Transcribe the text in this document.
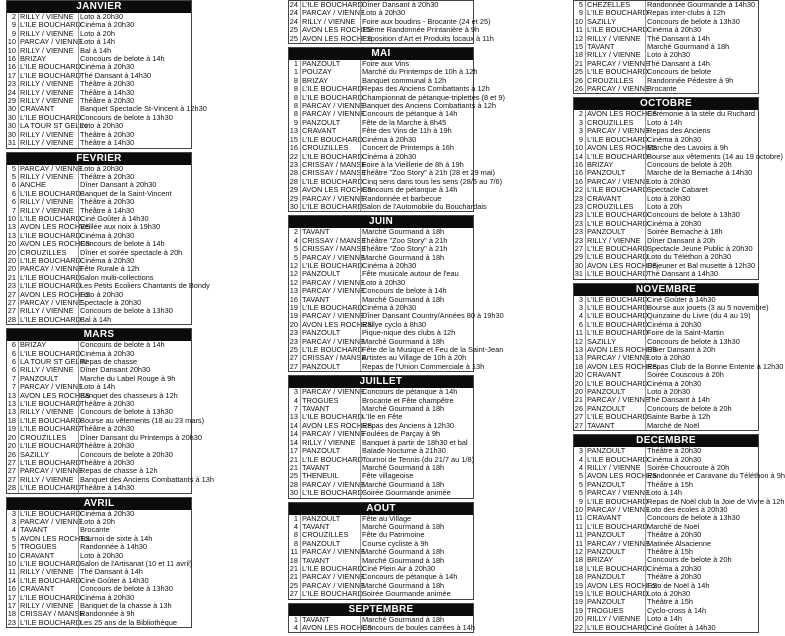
JANVIER
2 RILLY / VIENNE Loto à 20h30
9 L'ILE BOUCHARD Cinéma à 20h30
9 RILLY / VIENNE Loto à 20h
10 PARCAY / VIENNE
Loto à 14h
10 RILLY / VIENNE Bal à 14h
16 BRIZAY	Concours de belote à 14h
16 L'ILE BOUCHARD Cinéma à 20h30
17 L'ILE BOUCHARD Thé Dansant à 14h30
23 RILLY / VIENNE Théâtre à 20h30
24 RILLY / VIENNE Théâtre à 14h30
29 RILLY / VIENNE Théâtre à 20h30
30 CRAVANT	Banquet Spectacle St-Vincent à 12h30
30 L'ILE BOUCHARD Concours de belote à 13h30
30 LA TOUR ST GELIN
Loto à 20h30
30 RILLY / VIENNE Théâtre à 20h30
31 RILLY / VIENNE Théâtre à 14h30
FEVRIER
5 PARCAY / VIENNE
Loto à 20h30
5 RILLY / VIENNE Théâtre à 20h30
6 ANCHE	Dîner Dansant à 20h30
6 L'ILE BOUCHARD Banquet de la Saint-Vincent
6 RILLY / VIENNE Théâtre à 20h30
7 RILLY / VIENNE Théâtre à 14h30
10 L'ILE BOUCHARD Ciné Goûter à 14h30
13 AVON LES ROCHES
Veillée aux noix à 19h30
13 L'ILE BOUCHARD Cinéma à 20h30
20 AVON LES ROCHES
Concours de belote à 14h
20 CROUZILLES	Dîner et soirée spectacle à 20h
20 L'ILE BOUCHARD Cinéma à 20h30
20 PARCAY / VIENNE
Fête Rurale à 12h
21 L'ILE BOUCHARD Salon multi-collections
23 L'ILE BOUCHARD Les Petits Ecoliers Chantants de Bondy
27 AVON LES ROCHES
Loto à 20h30
27 PARCAY / VIENNE
Spectacle à 20h30
27 RILLY / VIENNE Concours de belote à 13h30
28 L'ILE BOUCHARD Bal à 14h
MARS
6 BRIZAY	Concours de belote à 14h
6 L'ILE BOUCHARD Cinéma à 20h30
6 LA TOUR ST GELIN
Repas de chasse
6 RILLY / VIENNE Dîner Dansant 20h30
7 PANZOULT	Marche du Label Rouge à 9h
7 PARCAY / VIENNE
Loto à 14h
13 AVON LES ROCHES
Banquet des chasseurs à 12h
13 L'ILE BOUCHARD Théâtre à 20h30
13 RILLY / VIENNE Concours de belote à 13h30
18 L'ILE BOUCHARD Bourse au vêtements (18 au 23 mars)
19 L'ILE BOUCHARD Théâtre à 20h30
20 CROUZILLES	Dîner Dansant du Printemps à 20h30
20 L'ILE BOUCHARD Théâtre à 20h30
26 SAZILLY	Concours de belote à 20h30
27 L'ILE BOUCHARD Théâtre à 20h30
27 PARCAY / VIENNE
Repas de chasse à 12h
27 RILLY / VIENNE Banquet des Anciens Combattants à 13h
28 L'ILE BOUCHARD Théâtre à 14h30
AVRIL
3 L'ILE BOUCHARD Cinéma à 20h30
3 PARCAY / VIENNE
Loto à 20h
4 TAVANT	Brocante
5 AVON LES ROCHES
Tournoi de sixte à 14h
5 TROGUES	Randonnée à 14h30
10 CRAVANT	Loto à 20h30
10 L'ILE BOUCHARD Salon de l'Artisanat (10 et 11 avril)
11 RILLY / VIENNE Thé Dansant à 14h
14 L'ILE BOUCHARD Ciné Goûter à 14h30
16 CRAVANT	Concours de belote à 13h30
17 L'ILE BOUCHARD Cinéma à 20h30
17 RILLY / VIENNE Banquet de la chasse à 13h
18 CRISSAY / MANSE
Randonnée à 9h
23 L'ILE BOUCHARD Les 25 ans de la Bibliothèque
24 L'ILE BOUCHARD Dîner Dansant à 20h30
24 PARCAY / VIENNE
Loto à 20h30
24 RILLY / VIENNE Foire aux boudins - Brocante (24 et 25)
25 AVON LES ROCHES
15ème Randonnée Printanière à 9h
25 AVON LES ROCHES
Exposition d'Art et Produits locaux à 11h
MAI
1 PANZOULT	Foire aux Vins
1 POUZAY	Marché du Printemps de 10h à 12h
8 BRIZAY	Banquet communal à 12h
8 L'ILE BOUCHARD Repas des Anciens Combattants à 12h
8 L'ILE BOUCHARD Championnat de pétanque-triplettes (8 et 9)
8 PARCAY / VIENNE
Banquet des Anciens Combattants à 12h
8 PARCAY / VIENNE
Concours de pétanque à 14h
9 PANZOULT	Fête de la Marche à 8h45
13 CRAVANT	Fête des Vins de 11h à 19h
15 L'ILE BOUCHARD Cinéma à 20h30
16 CROUZILLES	Concert de Printemps à 16h
22 L'ILE BOUCHARD Cinéma à 20h30
23 CRISSAY / MANSE
Foire à la Vieillerie de 8h à 19h
28 CRISSAY / MANSE
Théâtre "Zoo Story" à 21h (28 et 29 mai)
28 L'ILE BOUCHARD Cinq sens dans tous les sens (28/5 au 7/6)
29 AVON LES ROCHES
Concours de pétanque à 14h
29 PARCAY / VIENNE
Randonnée et barbecue
30 L'ILE BOUCHARD Salon de l'Automobile du Bouchardais
JUIN
2 TAVANT	Marché Gourmand à 18h
4 CRISSAY / MANSE
Théâtre "Zoo Story" à 21h
5 CRISSAY / MANSE
Théâtre "Zoo Story" à 21h
5 PARCAY / VIENNE
Marché Gourmand à 18h
12 L'ILE BOUCHARD Cinéma à 20h30
12 PANZOULT	Fête musicale autour de l'eau
12 PARCAY / VIENNE
Loto à 20h30
13 PARCAY / VIENNE
Concours de belote à 14h
16 TAVANT	Marché Gourmand à 18h
19 L'ILE BOUCHARD Cinéma à 20h30
19 PARCAY / VIENNE
Dîner Dansant Country/Années 80 à 19h30
20 AVON LES ROCHES
Rallye cyclo à 8h30
23 PANZOULT	Pique-nique des clubs à 12h
23 PARCAY / VIENNE
Marché Gourmand à 18h
25 L'ILE BOUCHARD Fête de la Musique et Feu de la Saint-Jean
27 CRISSAY / MANSE
Artistes au Village de 10h à 20h
27 PANZOULT	Repas de l'Union Commerciale à 13h
JUILLET
3 PARCAY / VIENNE
Concours de pétanque à 14h
4 TROGUES	Brocante et Fête champêtre
7 TAVANT	Marché Gourmand à 18h
13 L'ILE BOUCHARD L'Ile en Fête
14 AVON LES ROCHES
Repas des Anciens à 12h30
14 PARCAY / VIENNE
Foulées de Parçay à 9h
14 RILLY / VIENNE Banquet à partir de 18h30 et bal
17 PANZOULT	Balade Nocturne à 21h30
21 L'ILE BOUCHARD Tournoi de Tennis (du 21/7 au 1/8)
21 TAVANT	Marché Gourmand à 18h
25 THENEUIL	Fête villageoise
28 PARCAY / VIENNE
Marché Gourmand à 18h
30 L'ILE BOUCHARD Soirée Gourmande animée
AOUT
1 PANZOULT	Fête au Village
4 TAVANT	Marché Gourmand à 18h
8 CROUZILLES	Fête du Patrimoine
8 PANZOULT	Course cycliste à 9h
11 PARCAY / VIENNE
Marché Gourmand à 18h
18 TAVANT	Marché Gourmand à 18h
21 L'ILE BOUCHARD Ciné Plein Air à 20h30
21 PARCAY / VIENNE
Concours de pétanque à 14h
25 PARCAY / VIENNE
Marché Gourmand à 18h
27 L'ILE BOUCHARD Soirée Gourmande animée
SEPTEMBRE
1 TAVANT	Marché Gourmand à 18h
4 AVON LES ROCHES
Concours de boules carrées à 14h
5 CHEZELLES	Randonnée Gourmande à 14h30
9 L'ILE BOUCHARD Repas inter-clubs à 12h
10 SAZILLY	Concours de belote à 13h30
11 L'ILE BOUCHARD Cinéma à 20h30
12 RILLY / VIENNE Thé Dansant à 14h
15 TAVANT	Marché Gourmand à 18h
18 RILLY / VIENNE Loto à 20h30
21 PARCAY / VIENNE
Thé Dansant à 14h
25 L'ILE BOUCHARD Concours de belote
26 CROUZILLES	Randonnée Pédestre à 9h
26 PARCAY / VIENNE
Brocante
OCTOBRE
2 AVON LES ROCHES
Cérémonie à la stèle du Ruchard
3 CROUZILLES	Loto à 14h
3 PARCAY / VIENNE
Repas des Anciens
9 L'ILE BOUCHARD Cinéma à 20h30
10 AVON LES ROCHES
Marche des Lavoirs à 9h
14 L'ILE BOUCHARD Bourse aux vêtements (14 au 19 octobre)
16 BRIZAY	Concours de belote à 20h
16 PANZOULT	Marche de la Bernache à 14h30
16 PARCAY / VIENNE
Loto à 20h30
22 L'ILE BOUCHARD Spectacle Cabaret
23 CRAVANT	Loto à 20h30
23 CROUZILLES	Loto à 20h
23 L'ILE BOUCHARD Concours de belote à 13h30
23 L'ILE BOUCHARD Cinéma à 20h30
23 PANZOULT	Soirée Bernache à 18h
23 RILLY / VIENNE Dîner Dansant à 20h
27 L'ILE BOUCHARD Spectacle Jeune Public à 20h30
29 L'ILE BOUCHARD Loto du Téléthon à 20h30
30 AVON LES ROCHES
Déjeuner et Bal musette à 12h30
31 L'ILE BOUCHARD Thé Dansant à 14h30
NOVEMBRE
3 L'ILE BOUCHARD Ciné Goûter à 14h30
3 L'ILE BOUCHARD Bourse aux jouets (3 au 5 novembre)
4 L'ILE BOUCHARD Quinzaine du Livre (du 4 au 19)
6 L'ILE BOUCHARD Cinéma à 20h30
11 L'ILE BOUCHARD Foire de la Saint-Martin
12 SAZILLY	Concours de belote à 13h30
13 AVON LES ROCHES
Dîner Dansant à 20h
13 PARCAY / VIENNE
Loto à 20h30
18 AVON LES ROCHES
Repas Club de la Bonne Entente à 12h30
20 CRAVANT	Soirée Couscous à 20h
20 L'ILE BOUCHARD Cinéma à 20h30
20 PANZOULT	Loto à 20h30
21 PARCAY / VIENNE
Thé Dansant à 14h
26 PANZOULT	Concours de belote à 20h
27 L'ILE BOUCHARD Sainte Barbe à 12h
27 TAVANT	Marché de Noël
DECEMBRE
3 PANZOULT	Théâtre à 20h30
4 L'ILE BOUCHARD Cinéma à 20h30
4 RILLY / VIENNE Soirée Choucroute à 20h
5 AVON LES ROCHES
Randonnée et Caravane du Téléthon à 9h
5 PANZOULT	Théâtre à 15h
5 PARCAY / VIENNE
Loto à 14h
9 L'ILE BOUCHARD Repas de Noël club la Joie de Vivre à 12h
10 PARCAY / VIENNE
Loto des écoles à 20h30
11 CRAVANT	Concours de belote à 13h30
11 L'ILE BOUCHARD Marché de Noël
11 PANZOULT	Théâtre à 20h30
11 PARCAY / VIENNE
Matinée Alsacienne
12 PANZOULT	Théâtre à 15h
18 BRIZAY	Concours de belote à 20h
18 L'ILE BOUCHARD Cinéma à 20h30
18 PANZOULT	Théâtre à 20h30
19 AVON LES ROCHES
Loto de Noël à 14h
19 L'ILE BOUCHARD Loto à 20h30
19 PANZOULT	Théâtre à 15h
19 TROGUES	Cyclo-cross à 14h
20 RILLY / VIENNE Loto à 14h
22 L'ILE BOUCHARD Ciné Goûter à 14h30
